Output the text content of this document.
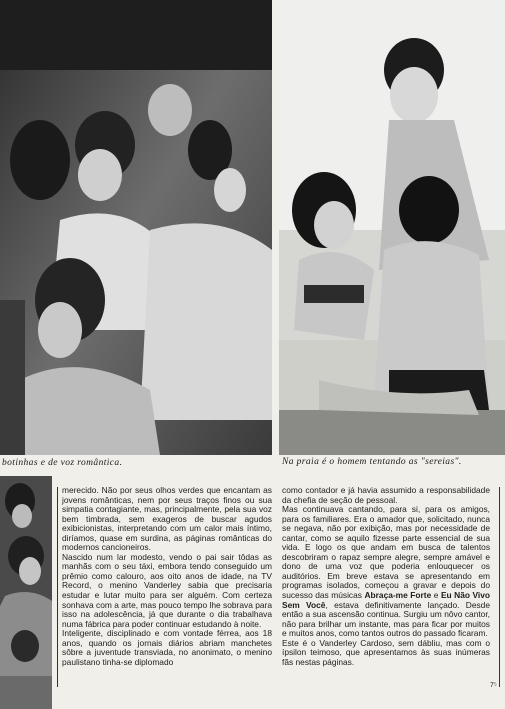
botinhas e de voz romântica.	Na praia é o homem tentando as "sereias".

merecido. Não por seus olhos verdes que encantam as jovens românticas, nem por seus traços finos ou sua simpatia contagiante, mas, principalmente, pela sua voz bem timbrada, sem exageros de buscar agudos exibicionistas, interpretando com um calor mais íntimo, diríamos, quase em surdina, as páginas românticas do modernos cancioneiros.

Nascido num lar modesto, vendo o pai sair tôdas as manhãs com o seu táxi, embora tendo conseguido um prêmio como calouro, aos oito anos de idade, na TV Record, o menino Vanderley sabia que precisaria estudar e lutar muito para ser alguém. Com certeza sonhava com a arte, mas pouco tempo lhe sobrava para isso na adolescência, já que durante o dia trabalhava numa fábrica para poder continuar estudando à noite.

Inteligente, disciplinado e com vontade férrea, aos 18 anos, quando os jornais diários abriam manchetes sôbre a juventude transviada, no anonimato, o menino paulistano tinha-se diplomado

como contador e já havia assumido a responsabilidade da chefia de seção de pessoal.

Mas continuava cantando, para si, para os amigos, para os familiares. Era o amador que, solicitado, nunca se negava, não por exibição, mas por necessidade de cantar, como se aquilo fizesse parte essencial de sua vida. E logo os que andam em busca de talentos descobriram o rapaz sempre alegre, sempre amável e dono de uma voz que poderia enlouquecer os auditórios. Em breve estava se apresentando em programas isolados, começou a gravar e depois do sucesso das músicas Abraça-me Forte e Eu Não Vivo Sem Você, estava definitivamente lançado. Desde então a sua ascensão continua. Surgiu um nôvo cantor, não para brilhar um instante, mas para ficar por muitos e muitos anos, como tantos outros do passado ficaram.

Este é o Vanderley Cardoso, sem dábliu, mas com o ípsilon teimoso, que apresentamos às suas inúmeras fãs nestas páginas.

7⁵
